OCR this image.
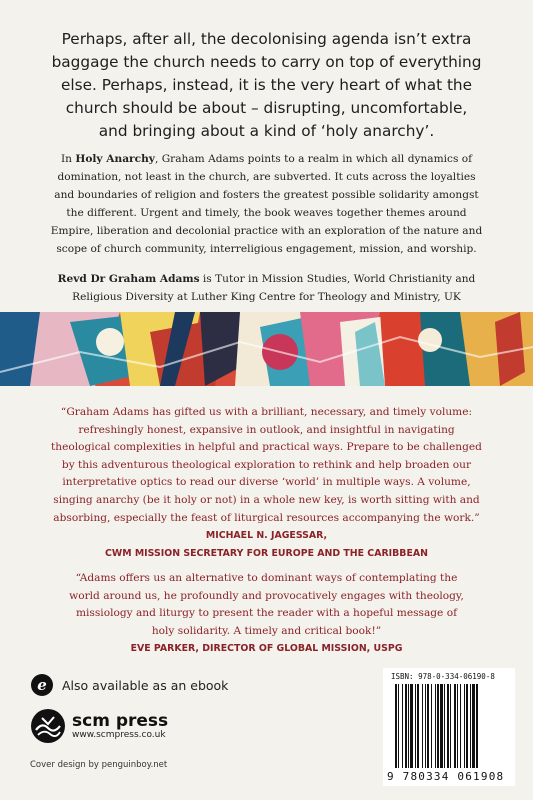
Perhaps, after all, the decolonising agenda isn’t extra
baggage the church needs to carry on top of everything
else. Perhaps, instead, it is the very heart of what the
church should be about – disrupting, uncomfortable,
and bringing about a kind of ‘holy anarchy’.
In Holy Anarchy, Graham Adams points to a realm in which all dynamics of
domination, not least in the church, are subverted. It cuts across the loyalties
and boundaries of religion and fosters the greatest possible solidarity amongst
the different. Urgent and timely, the book weaves together themes around
Empire, liberation and decolonial practice with an exploration of the nature and
scope of church community, interreligious engagement, mission, and worship.
Revd Dr Graham Adams is Tutor in Mission Studies, World Christianity and
Religious Diversity at Luther King Centre for Theology and Ministry, UK
“Graham Adams has gifted us with a brilliant, necessary, and timely volume:
refreshingly honest, expansive in outlook, and insightful in navigating
theological complexities in helpful and practical ways. Prepare to be challenged
by this adventurous theological exploration to rethink and help broaden our
interpretative optics to read our diverse ‘world’ in multiple ways. A volume,
singing anarchy (be it holy or not) in a whole new key, is worth sitting with and
absorbing, especially the feast of liturgical resources accompanying the work.”
MICHAEL N. JAGESSAR,
CWM MISSION SECRETARY FOR EUROPE AND THE CARIBBEAN
“Adams offers us an alternative to dominant ways of contemplating the
world around us, he profoundly and provocatively engages with theology,
missiology and liturgy to present the reader with a hopeful message of
holy solidarity. A timely and critical book!”
EVE PARKER, DIRECTOR OF GLOBAL MISSION, USPG
e Also available as an ebook
scm press
www.scmpress.co.uk
Cover design by penguinboy.net
ISBN: 978-0-334-06190-8
9 780334 061908
